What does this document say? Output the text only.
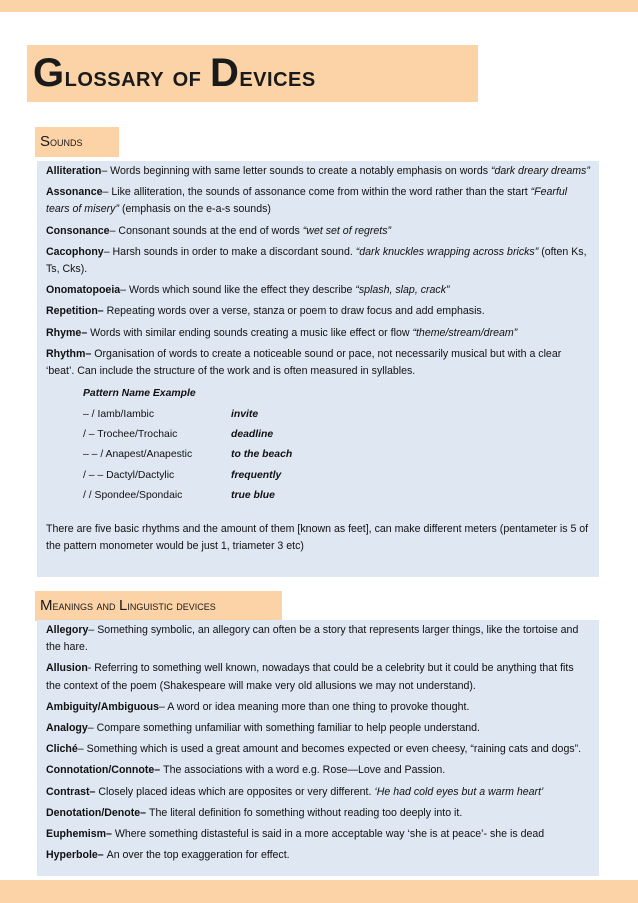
Glossary of Devices
Sounds
Alliteration– Words beginning with same letter sounds to create a notably emphasis on words “dark dreary dreams”
Assonance– Like alliteration, the sounds of assonance come from within the word rather than the start “Fearful tears of misery” (emphasis on the e-a-s sounds)
Consonance– Consonant sounds at the end of words “wet set of regrets”
Cacophony– Harsh sounds in order to make a discordant sound. “dark knuckles wrapping across bricks” (often Ks, Ts, Cks).
Onomatopoeia– Words which sound like the effect they describe “splash, slap, crack”
Repetition– Repeating words over a verse, stanza or poem to draw focus and add emphasis.
Rhyme– Words with similar ending sounds creating a music like effect or flow “theme/stream/dream”
Rhythm– Organisation of words to create a noticeable sound or pace, not necessarily musical but with a clear ‘beat’. Can include the structure of the work and is often measured in syllables.
Pattern Name Example
– / Iamb/Iambic	invite
/ – Trochee/Trochaic	deadline
– – / Anapest/Anapestic	to the beach
/ – – Dactyl/Dactylic	frequently
/ / Spondee/Spondaic	true blue
There are five basic rhythms and the amount of them [known as feet], can make different meters (pentameter is 5 of the pattern monometer would be just 1, triameter 3 etc)
Meanings and Linguistic devices
Allegory– Something symbolic, an allegory can often be a story that represents larger things, like the tortoise and the hare.
Allusion- Referring to something well known, nowadays that could be a celebrity but it could be anything that fits the context of the poem (Shakespeare will make very old allusions we may not understand).
Ambiguity/Ambiguous– A word or idea meaning more than one thing to provoke thought.
Analogy– Compare something unfamiliar with something familiar to help people understand.
Cliché– Something which is used a great amount and becomes expected or even cheesy, “raining cats and dogs”.
Connotation/Connote– The associations with a word e.g. Rose—Love and Passion.
Contrast– Closely placed ideas which are opposites or very different. ‘He had cold eyes but a warm heart’
Denotation/Denote– The literal definition fo something without reading too deeply into it.
Euphemism– Where something distasteful is said in a more acceptable way ‘she is at peace’- she is dead
Hyperbole– An over the top exaggeration for effect.
